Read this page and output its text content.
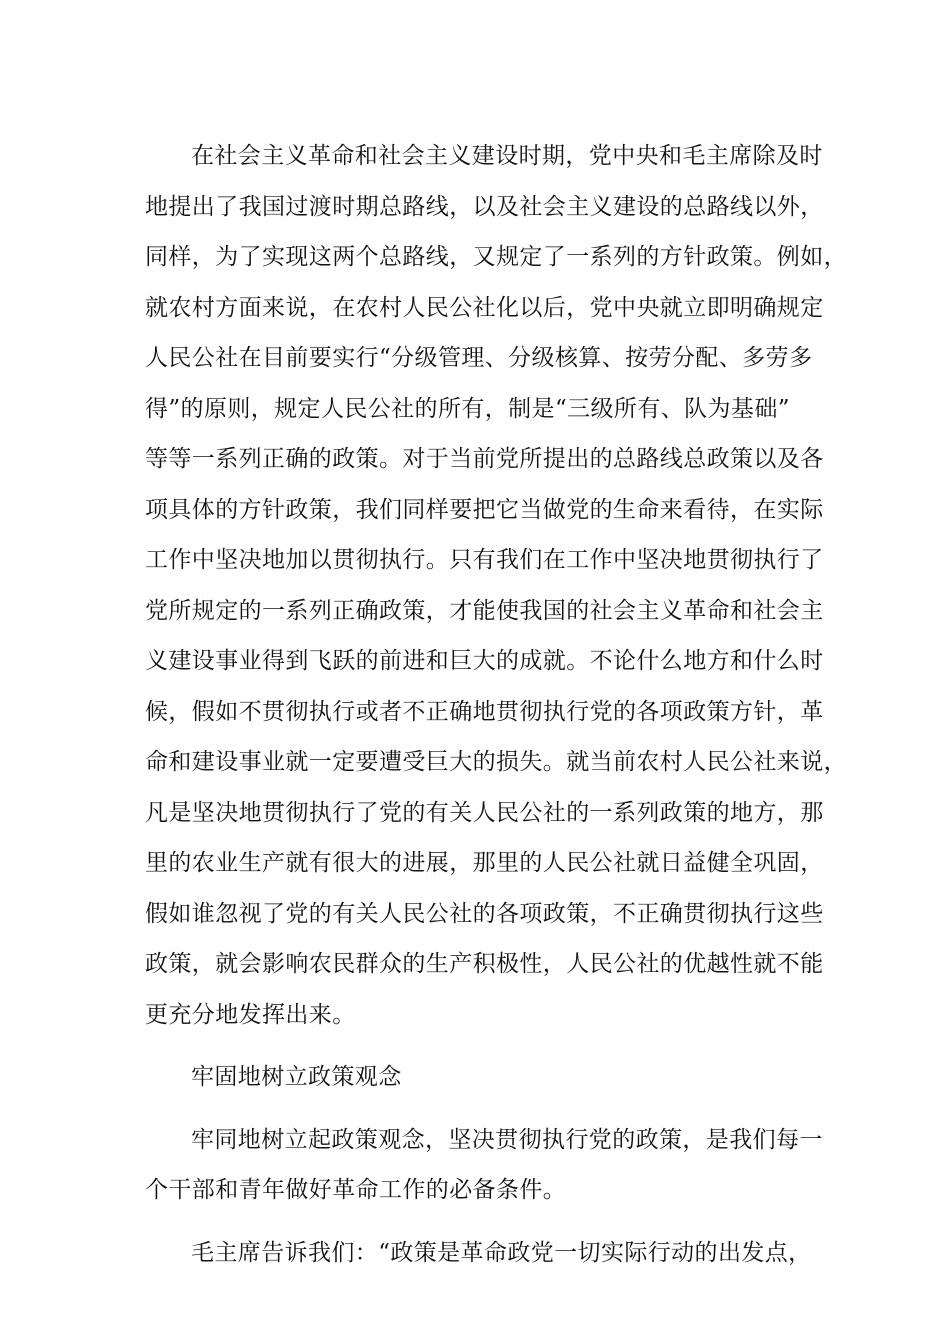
在社会主义革命和社会主义建设时期，党中央和毛主席除及时
地提出了我国过渡时期总路线，以及社会主义建设的总路线以外，
同样，为了实现这两个总路线，又规定了一系列的方针政策。例如，
就农村方面来说，在农村人民公社化以后，党中央就立即明确规定
人民公社在目前要实行“分级管理、分级核算、按劳分配、多劳多
得”的原则，规定人民公社的所有，制是“三级所有、队为基础”
等等一系列正确的政策。对于当前党所提出的总路线总政策以及各
项具体的方针政策，我们同样要把它当做党的生命来看待，在实际
工作中坚决地加以贯彻执行。只有我们在工作中坚决地贯彻执行了
党所规定的一系列正确政策，才能使我国的社会主义革命和社会主
义建设事业得到飞跃的前进和巨大的成就。不论什么地方和什么时
候，假如不贯彻执行或者不正确地贯彻执行党的各项政策方针，革
命和建设事业就一定要遭受巨大的损失。就当前农村人民公社来说，
凡是坚决地贯彻执行了党的有关人民公社的一系列政策的地方，那
里的农业生产就有很大的进展，那里的人民公社就日益健全巩固，
假如谁忽视了党的有关人民公社的各项政策，不正确贯彻执行这些
政策，就会影响农民群众的生产积极性，人民公社的优越性就不能
更充分地发挥出来。
牢固地树立政策观念
牢同地树立起政策观念，坚决贯彻执行党的政策，是我们每一
个干部和青年做好革命工作的必备条件。
毛主席告诉我们：“政策是革命政党一切实际行动的出发点，
